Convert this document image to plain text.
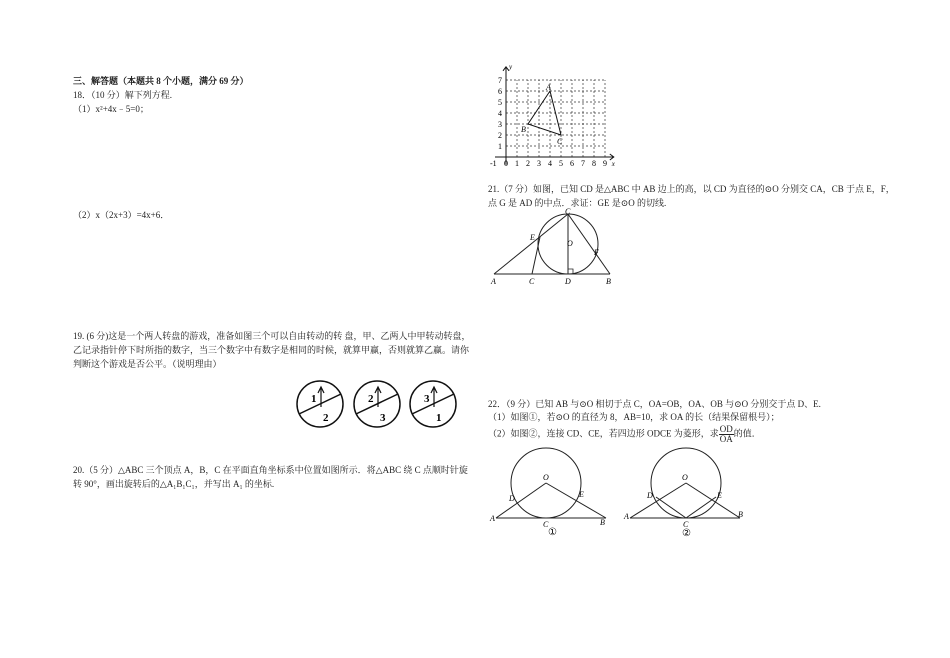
三、解答题（本题共 8 个小题，满分 69 分）
18．（10 分）解下列方程.
（1）x²+4x﹣5=0；
（2）x（2x+3）=4x+6．
19. (6 分)这是一个两人转盘的游戏，准备如图三个可以自由转动的转 盘，甲、乙两人中甲转动转盘，
乙记录指针停下时所指的数字，当三个数字中有数字是相同的时候，就算甲赢，否则就算乙赢。请你
判断这个游戏是否公平。（说明理由）
1
2
2
3
3
1
20.（5 分）△ABC 三个顶点 A，B，C 在平面直角坐标系中位置如图所示．将△ABC 绕 C 点顺时针旋
转 90°，画出旋转后的△A₁B₁C₁，并写出 A₁ 的坐标.
y
x
-1 0 1 2 3 4 5 6 7 8 9
1
2
3
4
5
6
7
A
B
C
21.（7 分）如图，已知 CD 是△ABC 中 AB 边上的高，以 CD 为直径的⊙O 分别交 CA，CB 于点 E，F，
点 G 是 AD 的中点．求证：GE 是⊙O 的切线.
C
E
O
F
A	C	D	B
22．（9 分）已知 AB 与⊙O 相切于点 C，OA=OB，OA、OB 与⊙O 分别交于点 D、E.
（1）如图①，若⊙O 的直径为 8，AB=10，求 OA 的长（结果保留根号）；
（2）如图②，连接 CD、CE，若四边形 ODCE 为菱形，求 $\frac{OD}{OA}$ 的值．
O
D	E
A
C	B
①
O
D	E
A
C
B
②
